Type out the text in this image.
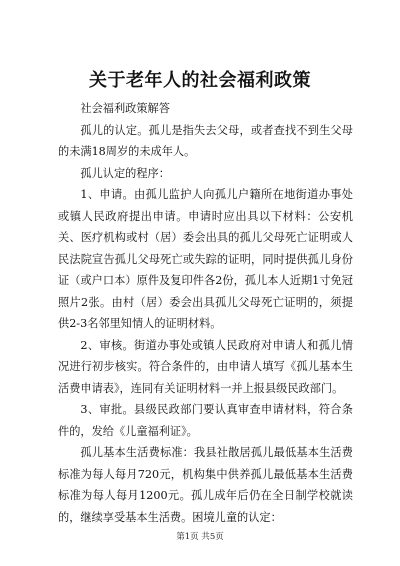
关于老年人的社会福利政策

社会福利政策解答

孤儿的认定。孤儿是指失去父母，或者查找不到生父母的未满18周岁的未成年人。

孤儿认定的程序：

1、申请。由孤儿监护人向孤儿户籍所在地街道办事处或镇人民政府提出申请。申请时应出具以下材料：公安机关、医疗机构或村（居）委会出具的孤儿父母死亡证明或人民法院宣告孤儿父母死亡或失踪的证明，同时提供孤儿身份证（或户口本）原件及复印件各2份，孤儿本人近期1寸免冠照片2张。由村（居）委会出具孤儿父母死亡证明的，须提供2-3名邻里知情人的证明材料。

2、审核。街道办事处或镇人民政府对申请人和孤儿情况进行初步核实。符合条件的，由申请人填写《孤儿基本生活费申请表》，连同有关证明材料一并上报县级民政部门。

3、审批。县级民政部门要认真审查申请材料，符合条件的，发给《儿童福利证》。

孤儿基本生活费标准：我县社散居孤儿最低基本生活费标准为每人每月720元，机构集中供养孤儿最低基本生活费标准为每人每月1200元。孤儿成年后仍在全日制学校就读的，继续享受基本生活费。困境儿童的认定：

第1页 共5页
